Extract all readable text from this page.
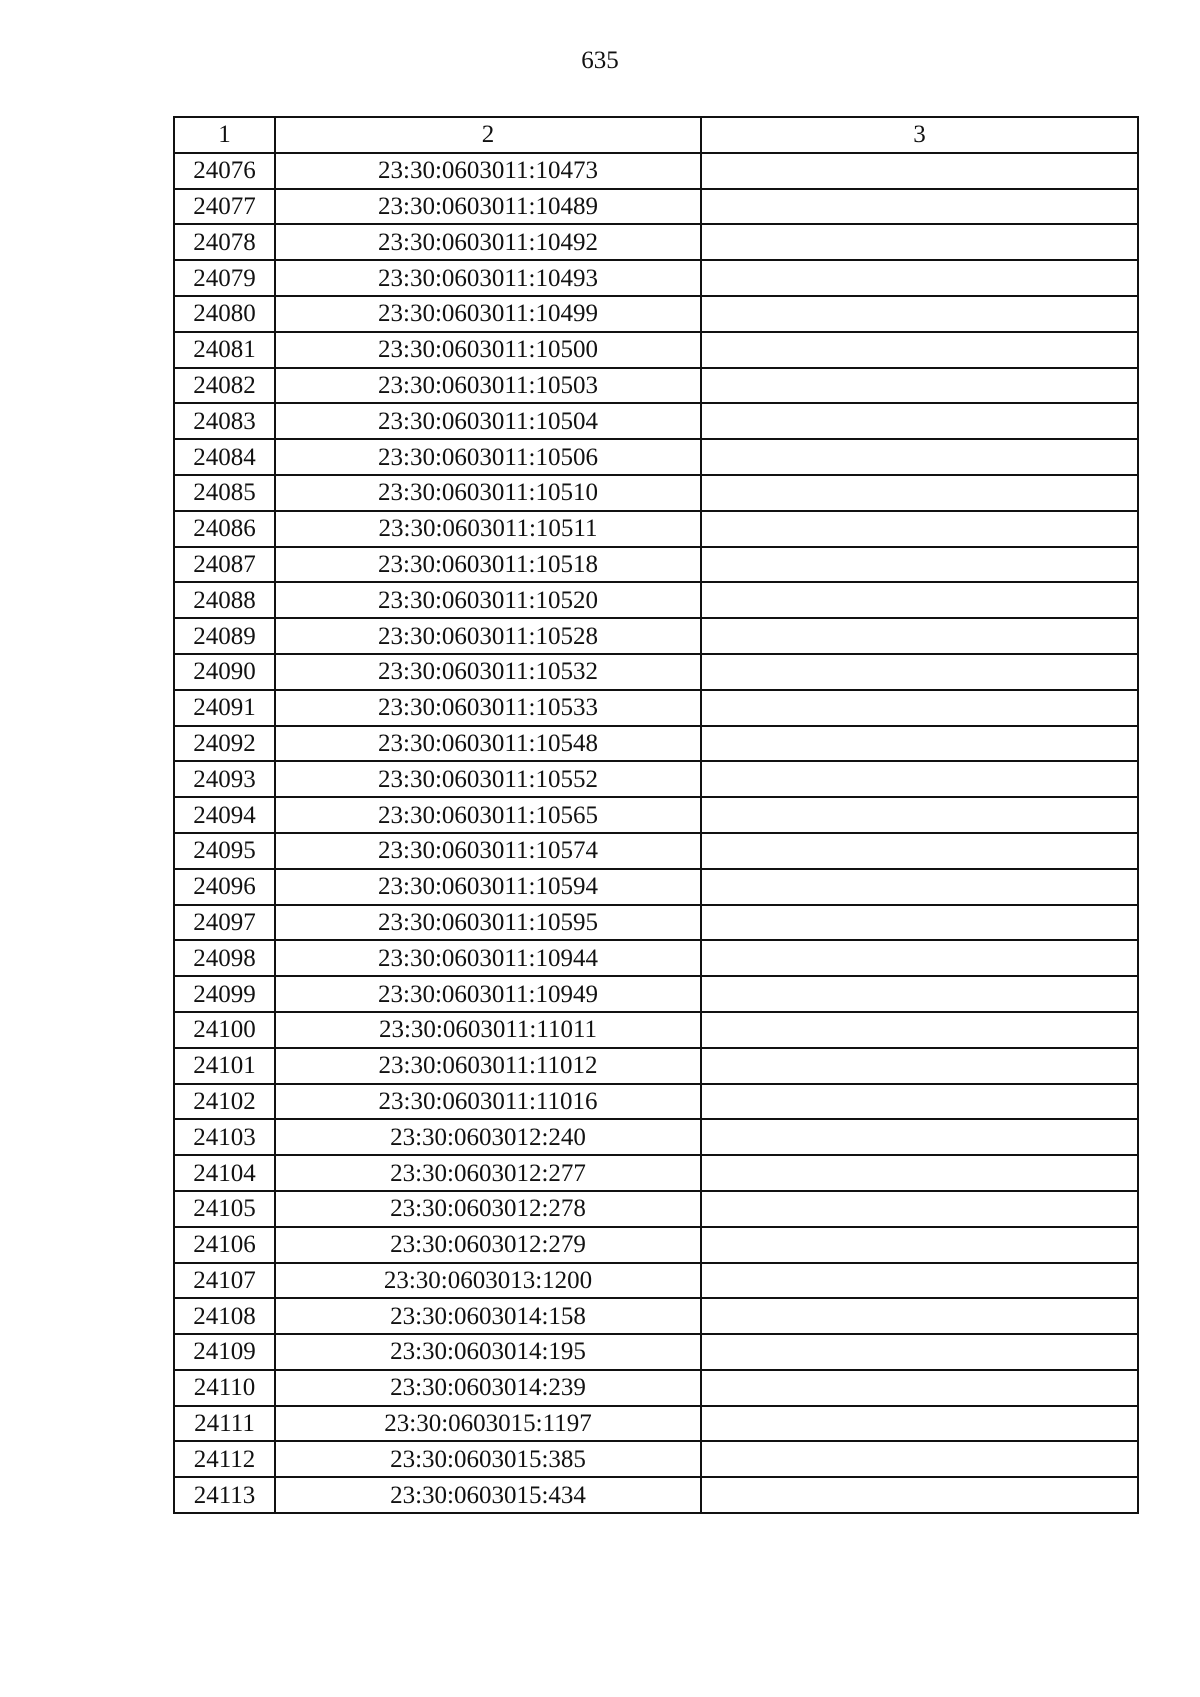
635
1	2	3
24076	23:30:0603011:10473	
24077	23:30:0603011:10489	
24078	23:30:0603011:10492	
24079	23:30:0603011:10493	
24080	23:30:0603011:10499	
24081	23:30:0603011:10500	
24082	23:30:0603011:10503	
24083	23:30:0603011:10504	
24084	23:30:0603011:10506	
24085	23:30:0603011:10510	
24086	23:30:0603011:10511	
24087	23:30:0603011:10518	
24088	23:30:0603011:10520	
24089	23:30:0603011:10528	
24090	23:30:0603011:10532	
24091	23:30:0603011:10533	
24092	23:30:0603011:10548	
24093	23:30:0603011:10552	
24094	23:30:0603011:10565	
24095	23:30:0603011:10574	
24096	23:30:0603011:10594	
24097	23:30:0603011:10595	
24098	23:30:0603011:10944	
24099	23:30:0603011:10949	
24100	23:30:0603011:11011	
24101	23:30:0603011:11012	
24102	23:30:0603011:11016	
24103	23:30:0603012:240	
24104	23:30:0603012:277	
24105	23:30:0603012:278	
24106	23:30:0603012:279	
24107	23:30:0603013:1200	
24108	23:30:0603014:158	
24109	23:30:0603014:195	
24110	23:30:0603014:239	
24111	23:30:0603015:1197	
24112	23:30:0603015:385	
24113	23:30:0603015:434	
